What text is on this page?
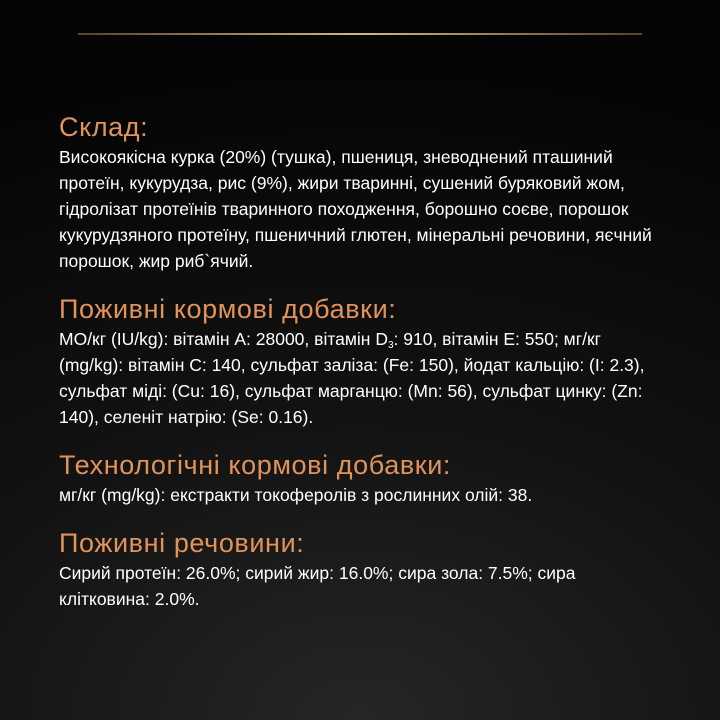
Склад:

Високоякісна курка (20%) (тушка), пшениця, зневоднений пташиний протеїн, кукурудза, рис (9%), жири тваринні, сушений буряковий жом, гідролізат протеїнів тваринного походження, борошно соєве, порошок кукурудзяного протеїну, пшеничний глютен, мінеральні речовини, яєчний порошок, жир риб`ячий.

Поживні кормові добавки:

МО/кг (IU/kg): вітамін А: 28000, вітамін $D_3$: 910, вітамін Е: 550; мг/кг (mg/kg): вітамін С: 140, сульфат заліза: (Fe: 150), йодат кальцію: (I: 2.3), сульфат міді: (Cu: 16), сульфат марганцю: (Mn: 56), сульфат цинку: (Zn: 140), селеніт натрію: (Se: 0.16).

Технологічні кормові добавки:

мг/кг (mg/kg): екстракти токоферолів з рослинних олій: 38.

Поживні речовини:

Сирий протеїн: 26.0%; сирий жир: 16.0%; сира зола: 7.5%; сира клітковина: 2.0%.
